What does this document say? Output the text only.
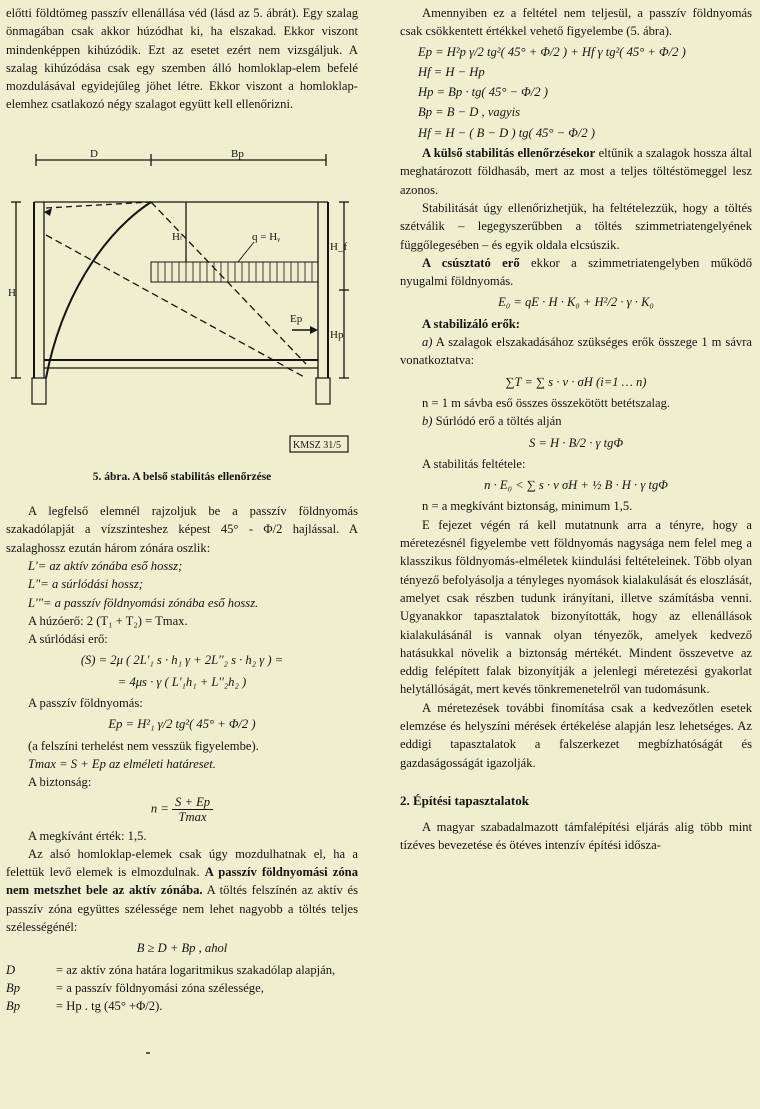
előtti földtömeg passzív ellenállása véd (lásd az 5. ábrát). Egy szalag önmagában csak akkor húzódhat ki, ha elszakad. Ekkor viszont mindenképpen kihúzódik. Ezt az esetet ezért nem vizsgáljuk. A szalag kihúzódása csak egy szemben álló homloklap-elem befelé mozdulásával egyidejűleg jöhet létre. Ekkor viszont a homloklap-elemhez csatlakozó négy szalagot együtt kell ellenőrizni.

D	Bp
H
Hₗ
H_f
Hp
Ep
q = Hᵧ
KMSZ 31/5

5. ábra. A belső stabilitás ellenőrzése

A legfelső elemnél rajzoljuk be a passzív földnyomás szakadólapját a vízszinteshez képest 45° - Φ/2 hajlással. A szalaghossz ezután három zónára oszlik:

L'= az aktív zónába eső hossz;

L"= a súrlódási hossz;

L'"= a passzív földnyomási zónába eső hossz.

A húzóerő: 2 (T₁ + T₂) = Tmax.

A súrlódási erő:

(S) = 2μ ( 2L'₁ s · h₁ γ + 2L''₂ s · h₂ γ ) =

= 4μs · γ ( L'₁h₁ + L''₂h₂ )

A passzív földnyomás:

Ep = H²₁ γ/2 tg²( 45° + Φ/2 )

(a felszíni terhelést nem vesszük figyelembe).

Tmax = S + Ep az elméleti határeset.

A biztonság:

$n = \frac{S + Ep}{Tmax}$

A megkívánt érték: 1,5.

Az alsó homloklap-elemek csak úgy mozdulhatnak el, ha a felettük levő elemek is elmozdulnak. A passzív földnyomási zóna nem metszhet bele az aktív zónába. A töltés felszínén az aktív és passzív zóna együttes szélessége nem lehet nagyobb a töltés teljes szélességénél:

B ≥ D + Bp , ahol

D	= az aktív zóna határa logaritmikus szakadólap alapján,

Bp	= a passzív földnyomási zóna szélessége,

Bp	= Hp . tg (45° +Φ/2).

Amennyiben ez a feltétel nem teljesül, a passzív földnyomás csak csökkentett értékkel vehető figyelembe (5. ábra).

Ep = H²p γ/2 tg²( 45° + Φ/2 ) + Hf γ tg²( 45° + Φ/2 )

Hf = H − Hp

Hp = Bp · tg( 45° − Φ/2 )

Bp = B − D , vagyis

Hf = H − ( B − D ) tg( 45° − Φ/2 )

A külső stabilitás ellenőrzésekor eltűnik a szalagok hossza által meghatározott földhasáb, mert az most a teljes töltéstömeggel lesz azonos.

Stabilitását úgy ellenőrizhetjük, ha feltételezzük, hogy a töltés szétválik – legegyszerűbben a töltés szimmetriatengelyének függőlegesében – és egyik oldala elcsúszik.

A csúsztató erő ekkor a szimmetriatengelyben működő nyugalmi földnyomás.

E₀ = qE · H · K₀ + H²/2 · γ · K₀

A stabilizáló erők:

a) A szalagok elszakadásához szükséges erők összege 1 m sávra vonatkoztatva:

∑T = ∑ s · ν · σH (i=1 … n)

n = 1 m sávba eső összes összekötött betétszalag.

b) Súrlódó erő a töltés alján

S = H · B/2 · γ tgΦ

A stabilitás feltétele:

n · E₀ < ∑ s · ν σH + ½ B · H · γ tgΦ

n = a megkívánt biztonság, minimum 1,5.

E fejezet végén rá kell mutatnunk arra a tényre, hogy a méretezésnél figyelembe vett földnyomás nagysága nem felel meg a klasszikus földnyomás-elméletek kiindulási feltételeinek. Több olyan tényező befolyásolja a tényleges nyomások kialakulását és eloszlását, amelyet csak részben tudunk irányítani, illetve számításba venni. Ugyanakkor tapasztalatok bizonyították, hogy az ellenállások kialakulásánál is vannak olyan tényezők, amelyek kedvező hatásukkal növelik a biztonság mértékét. Mindent összevetve az eddig felépített falak bizonyítják a jelenlegi méretezési gyakorlat helytállóságát, mert kevés tönkremenetelről van tudomásunk.

A méretezések további finomítása csak a kedvezőtlen esetek elemzése és helyszíni mérések értékelése alapján lesz lehetséges. Az eddigi tapasztalatok a falszerkezet megbízhatóságát és gazdaságosságát igazolják.

2. Építési tapasztalatok

A magyar szabadalmazott támfalépítési eljárás alig több mint tízéves bevezetése és ötéves intenzív építési idősza-
